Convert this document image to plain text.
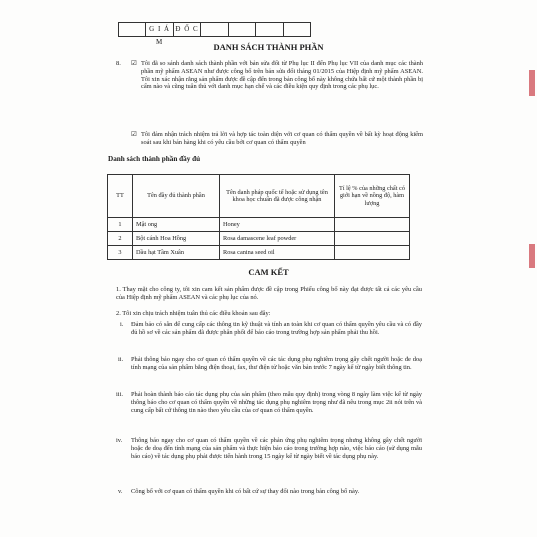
G I Á M
Đ Ố C
DANH SÁCH THÀNH PHẦN
8. ☑ Tôi đã so sánh danh sách thành phần với bản sửa đổi từ Phụ lục II đến Phụ lục VII của danh mục các thành phần mỹ phẩm ASEAN như được công bố trên bản sửa đổi tháng 01/2015 của Hiệp định mỹ phẩm ASEAN. Tôi xin xác nhận rằng sản phẩm được đề cập đến trong bản công bố này không chứa bất cứ một thành phần bị cấm nào và cũng tuân thủ với danh mục hạn chế và các điều kiện quy định trong các phụ lục.
☑ Tôi đảm nhận trách nhiệm trả lời và hợp tác toàn diện với cơ quan có thẩm quyền về bất kỳ hoạt động kiểm soát sau khi bán hàng khi có yêu cầu bởi cơ quan có thẩm quyền
Danh sách thành phần đầy đủ
TT	Tên đầy đủ thành phần	Tên danh pháp quốc tế hoặc sử dụng tên khoa học chuẩn đã được công nhận	Tỉ lệ % của những chất có giới hạn về nồng độ, hàm lượng
1	Mật ong	Honey	
2	Bột cánh Hoa Hồng	Rosa damascene leaf powder	
3	Dầu hạt Tầm Xuân	Rosa canina seed oil	
CAM KẾT
1. Thay mặt cho công ty, tôi xin cam kết sản phẩm được đề cập trong Phiếu công bố này đạt được tất cả các yêu cầu của Hiệp định mỹ phẩm ASEAN và các phụ lục của nó.
2. Tôi xin chịu trách nhiệm tuân thủ các điều khoản sau đây:
i. Đảm bảo có sẵn để cung cấp các thông tin kỹ thuật và tính an toàn khi cơ quan có thẩm quyền yêu cầu và có đầy đủ hồ sơ về các sản phẩm đã được phân phối để báo cáo trong trường hợp sản phẩm phải thu hồi.
ii. Phải thông báo ngay cho cơ quan có thẩm quyền về các tác dụng phụ nghiêm trọng gây chết người hoặc đe doạ tính mạng của sản phẩm bằng điện thoại, fax, thư điện tử hoặc văn bản trước 7 ngày kể từ ngày biết thông tin.
iii. Phải hoàn thành báo cáo tác dụng phụ của sản phẩm (theo mẫu quy định) trong vòng 8 ngày làm việc kể từ ngày thông báo cho cơ quan có thẩm quyền về những tác dụng phụ nghiêm trọng như đã nêu trong mục 2ii nói trên và cung cấp bất cứ thông tin nào theo yêu cầu của cơ quan có thẩm quyền.
iv. Thông báo ngay cho cơ quan có thẩm quyền về các phản ứng phụ nghiêm trọng nhưng không gây chết người hoặc đe doạ đến tính mạng của sản phẩm và thực hiện báo cáo trong trường hợp nào, việc báo cáo (sử dụng mẫu báo cáo) về tác dụng phụ phải được tiến hành trong 15 ngày kể từ ngày biết về tác dụng phụ này.
v. Công bố với cơ quan có thẩm quyền khi có bất cứ sự thay đổi nào trong bản công bố này.
